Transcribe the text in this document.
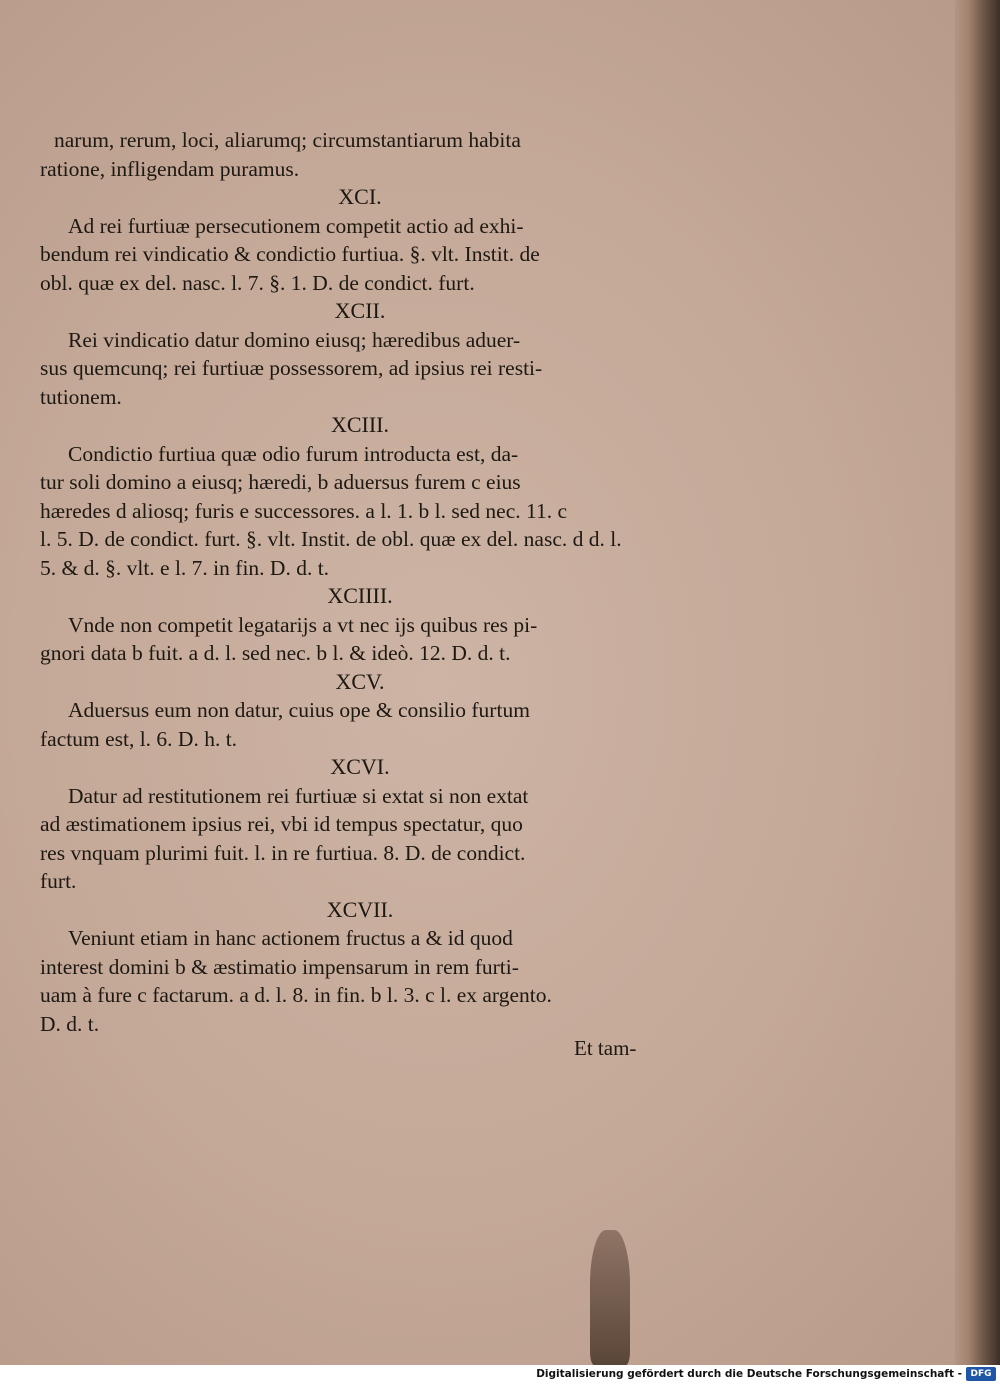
narum, rerum, loci, aliarumq; circumstantiarum habita
ratione, infligendam puramus.
XCI.
Ad rei furtiuæ persecutionem competit actio ad exhi-
bendum rei vindicatio & condictio furtiua. §. vlt. Instit. de
obl. quæ ex del. nasc. l. 7. §. 1. D. de condict. furt.
XCII.
Rei vindicatio datur domino eiusq; hæredibus aduer-
sus quemcunq; rei furtiuæ possessorem, ad ipsius rei resti-
tutionem.
XCIII.
Condictio furtiua quæ odio furum introducta est, da-
tur soli domino a eiusq; hæredi, b aduersus furem c eius
hæredes d aliosq; furis e successores. a l. 1. b l. sed nec. 11. c
l. 5. D. de condict. furt. §. vlt. Instit. de obl. quæ ex del. nasc. d d. l.
5. & d. §. vlt. e l. 7. in fin. D. d. t.
XCIIII.
Vnde non competit legatarijs a vt nec ijs quibus res pi-
gnori data b fuit. a d. l. sed nec. b l. & ideò. 12. D. d. t.
XCV.
Aduersus eum non datur, cuius ope & consilio furtum
factum est, l. 6. D. h. t.
XCVI.
Datur ad restitutionem rei furtiuæ si extat si non extat
ad æstimationem ipsius rei, vbi id tempus spectatur, quo
res vnquam plurimi fuit. l. in re furtiua. 8. D. de condict.
furt.
XCVII.
Veniunt etiam in hanc actionem fructus a & id quod
interest domini b & æstimatio impensarum in rem furti-
uam à fure c factarum. a d. l. 8. in fin. b l. 3. c l. ex argento.
D. d. t.
Et tam-
Digitalisierung gefördert durch die Deutsche Forschungsgemeinschaft - DFG
